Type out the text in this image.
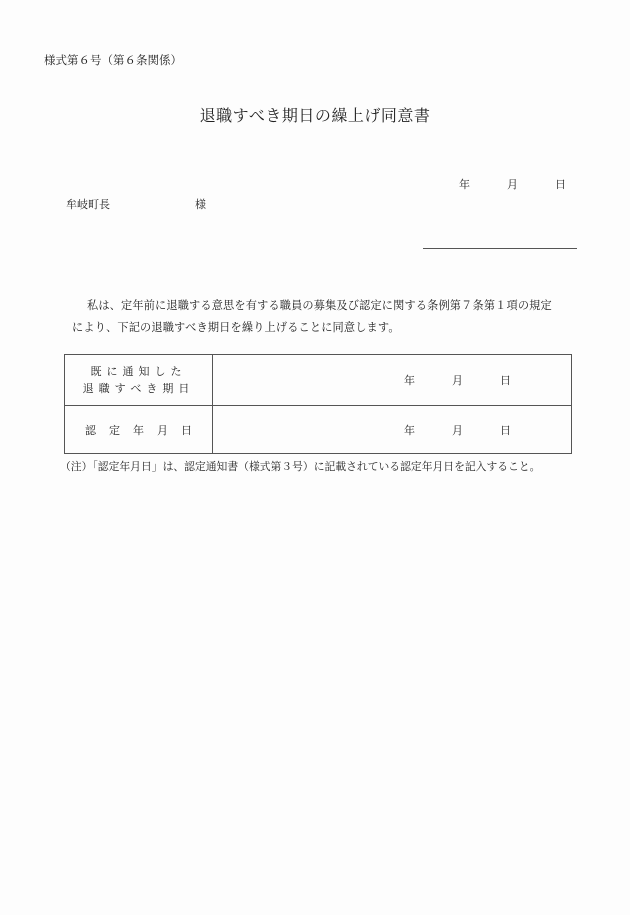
様式第６号（第６条関係）
退職すべき期日の繰上げ同意書
年	月	日
牟岐町長	様
私は、定年前に退職する意思を有する職員の募集及び認定に関する条例第７条第１項の規定
により、下記の退職すべき期日を繰り上げることに同意します。
既に通知した
退職すべき期日	年 月 日

認定年月日	年 月 日
（注）「認定年月日」は、認定通知書（様式第３号）に記載されている認定年月日を記入すること。
